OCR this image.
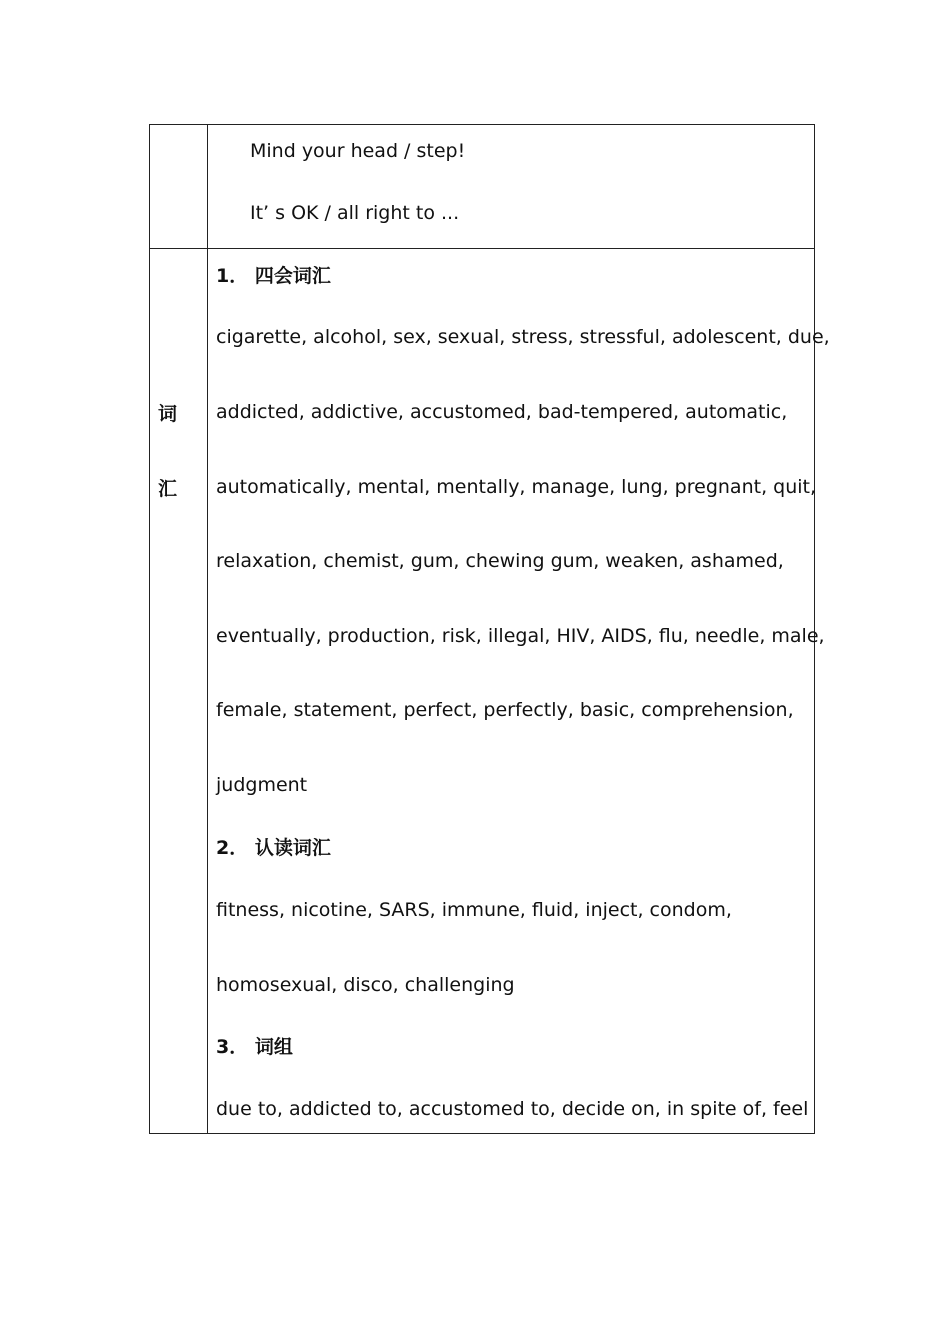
Mind your head / step!
It’ s OK / all right to ...
词
汇
1． 四会词汇
cigarette, alcohol, sex, sexual, stress, stressful, adolescent, due,
addicted, addictive, accustomed, bad-tempered, automatic,
automatically, mental, mentally, manage, lung, pregnant, quit,
relaxation, chemist, gum, chewing gum, weaken, ashamed,
eventually, production, risk, illegal, HIV, AIDS, flu, needle, male,
female, statement, perfect, perfectly, basic, comprehension,
judgment
2． 认读词汇
fitness, nicotine, SARS, immune, fluid, inject, condom,
homosexual, disco, challenging
3． 词组
due to, addicted to, accustomed to, decide on, in spite of, feel
